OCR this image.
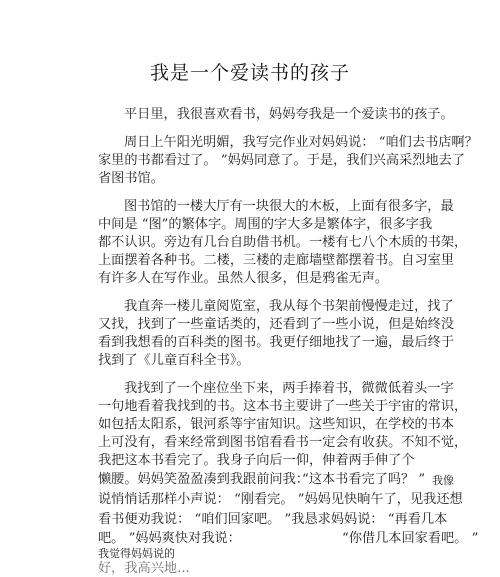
我是一个爱读书的孩子
平日里，我很喜欢看书，妈妈夸我是一个爱读书的孩子。
周日上午阳光明媚，我写完作业对妈妈说： “咱们去书店啊？
家里的书都看过了。 ”妈妈同意了。于是，我们兴高采烈地去了
省图书馆。
图书馆的一楼大厅有一块很大的木板，上面有很多字，最
中间是 “图”的繁体字。周围的字大多是繁体字，很多字我
都不认识。旁边有几台自助借书机。一楼有七八个木质的书架，
上面摆着各种书。二楼，三楼的走廊墙壁都摆着书。自习室里
有许多人在写作业。虽然人很多，但是鸦雀无声。
我直奔一楼儿童阅览室，我从每个书架前慢慢走过，找了
又找，找到了一些童话类的，还看到了一些小说，但是始终没
看到我想看的百科类的图书。我更仔细地找了一遍，最后终于
找到了《儿童百科全书》。
我找到了一个座位坐下来，两手捧着书，微微低着头一字
一句地看着我找到的书。这本书主要讲了一些关于宇宙的常识，
如包括太阳系，银河系等宇宙知识。这些知识，在学校的书本
上可没有，看来经常到图书馆看看书一定会有收获。不知不觉，
我把这本书看完了。我身子向后一仰，伸着两手伸了个
懒腰。妈妈笑盈盈凑到我跟前问我：
“这本书看完了吗？ ” 我像
说悄悄话那样小声说： “刚看完。 ”妈妈见快晌午了，见我还想
看书便劝我说： “咱们回家吧。 ”我恳求妈妈说： “再看几本
吧。 ”妈妈爽快对我说：	“你借几本回家看吧。 ”
我觉得妈妈说的
好，我高兴地...
